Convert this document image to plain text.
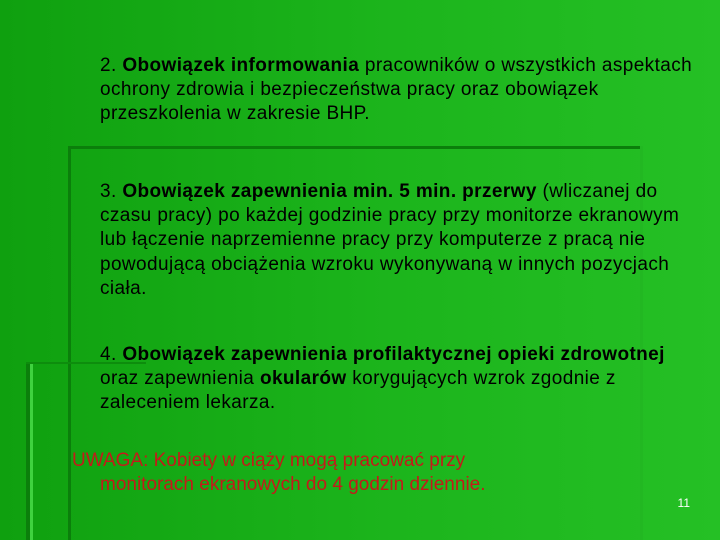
2. Obowiązek informowania pracowników o wszystkich aspektach ochrony zdrowia i bezpieczeństwa pracy oraz obowiązek przeszkolenia w zakresie BHP.
3. Obowiązek zapewnienia min. 5 min. przerwy (wliczanej do czasu pracy) po każdej godzinie pracy przy monitorze ekranowym lub łączenie naprzemienne pracy przy komputerze z pracą nie powodującą obciążenia wzroku wykonywaną w innych pozycjach ciała.
4. Obowiązek zapewnienia profilaktycznej opieki zdrowotnej oraz zapewnienia okularów korygujących wzrok zgodnie z zaleceniem lekarza.
UWAGA: Kobiety w ciąży mogą pracować przy
monitorach ekranowych do 4 godzin dziennie.
11
